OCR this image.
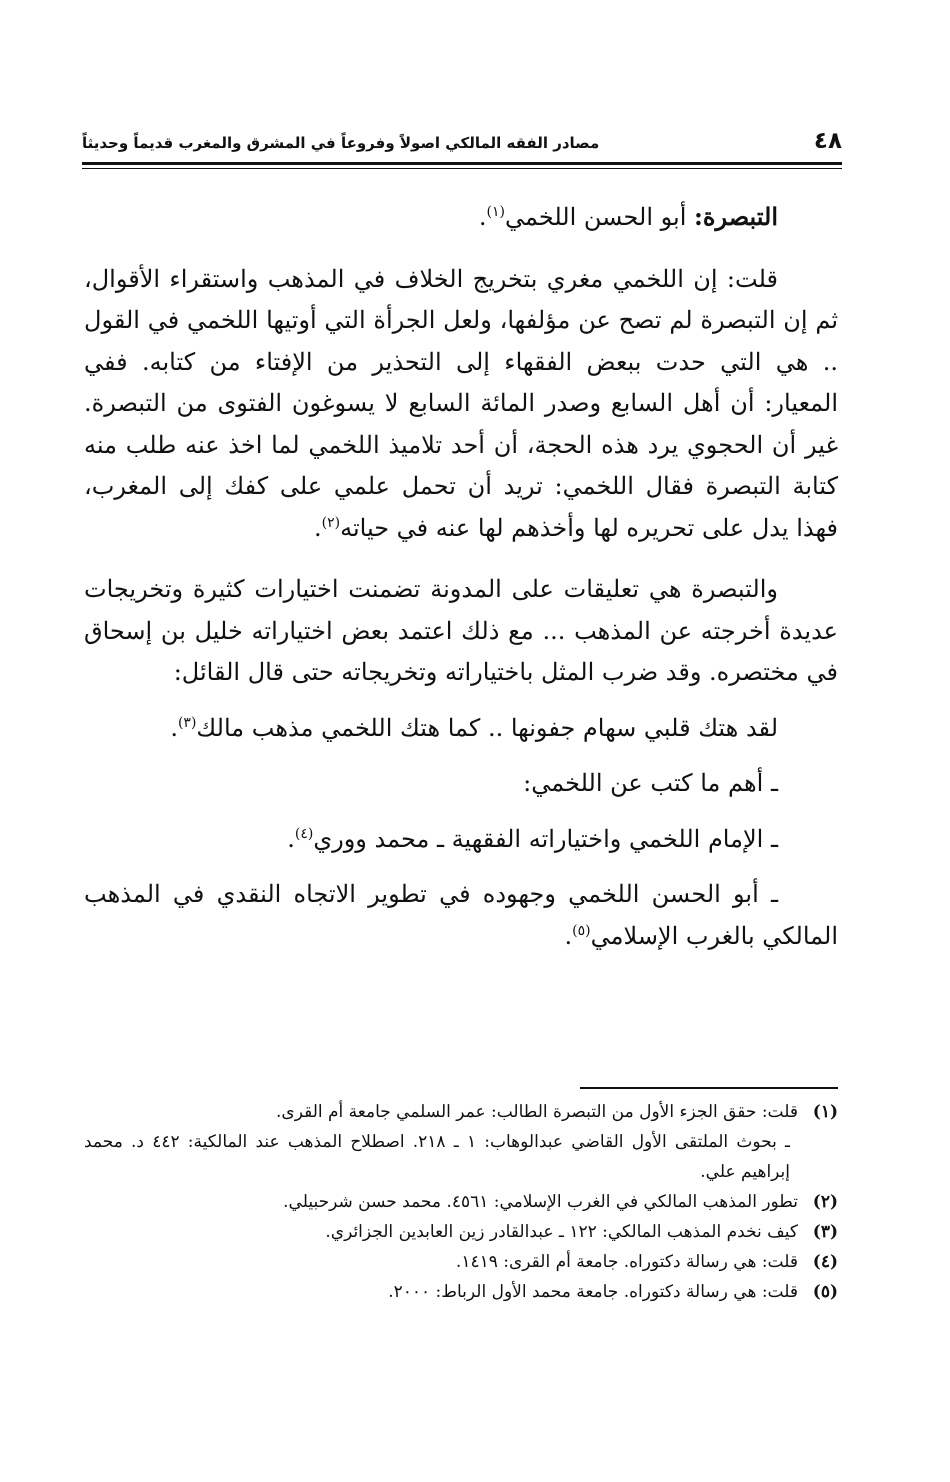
٤٨
مصادر الفقه المالكي اصولاً وفروعاً في المشرق والمغرب قديماً وحديثاً

التبصرة: أبو الحسن اللخمي$^{(١)}$.

قلت: إن اللخمي مغري بتخريج الخلاف في المذهب واستقراء الأقوال، ثم إن التبصرة لم تصح عن مؤلفها، ولعل الجرأة التي أوتيها اللخمي في القول .. هي التي حدت ببعض الفقهاء إلى التحذير من الإفتاء من كتابه. ففي المعيار: أن أهل السابع وصدر المائة السابع لا يسوغون الفتوى من التبصرة. غير أن الحجوي يرد هذه الحجة، أن أحد تلاميذ اللخمي لما اخذ عنه طلب منه كتابة التبصرة فقال اللخمي: تريد أن تحمل علمي على كفك إلى المغرب، فهذا يدل على تحريره لها وأخذهم لها عنه في حياته$^{(٢)}$.

والتبصرة هي تعليقات على المدونة تضمنت اختيارات كثيرة وتخريجات عديدة أخرجته عن المذهب ... مع ذلك اعتمد بعض اختياراته خليل بن إسحاق في مختصره. وقد ضرب المثل باختياراته وتخريجاته حتى قال القائل:

لقد هتك قلبي سهام جفونها .. كما هتك اللخمي مذهب مالك$^{(٣)}$.

ـ أهم ما كتب عن اللخمي:

ـ الإمام اللخمي واختياراته الفقهية ـ محمد ووري$^{(٤)}$.

ـ أبو الحسن اللخمي وجهوده في تطوير الاتجاه النقدي في المذهب المالكي بالغرب الإسلامي$^{(٥)}$.

(١)
قلت: حقق الجزء الأول من التبصرة الطالب: عمر السلمي جامعة أم القرى.
ـ بحوث الملتقى الأول القاضي عبدالوهاب: ١ ـ ٢١٨. اصطلاح المذهب عند المالكية: ٤٤٢ د. محمد إبراهيم علي.
(٢)
تطور المذهب المالكي في الغرب الإسلامي: ٤٥٦١. محمد حسن شرحبيلي.
(٣)
كيف نخدم المذهب المالكي: ١٢٢ ـ عبدالقادر زين العابدين الجزائري.
(٤)
قلت: هي رسالة دكتوراه. جامعة أم القرى: ١٤١٩.
(٥)
قلت: هي رسالة دكتوراه. جامعة محمد الأول الرباط: ٢٠٠٠.
